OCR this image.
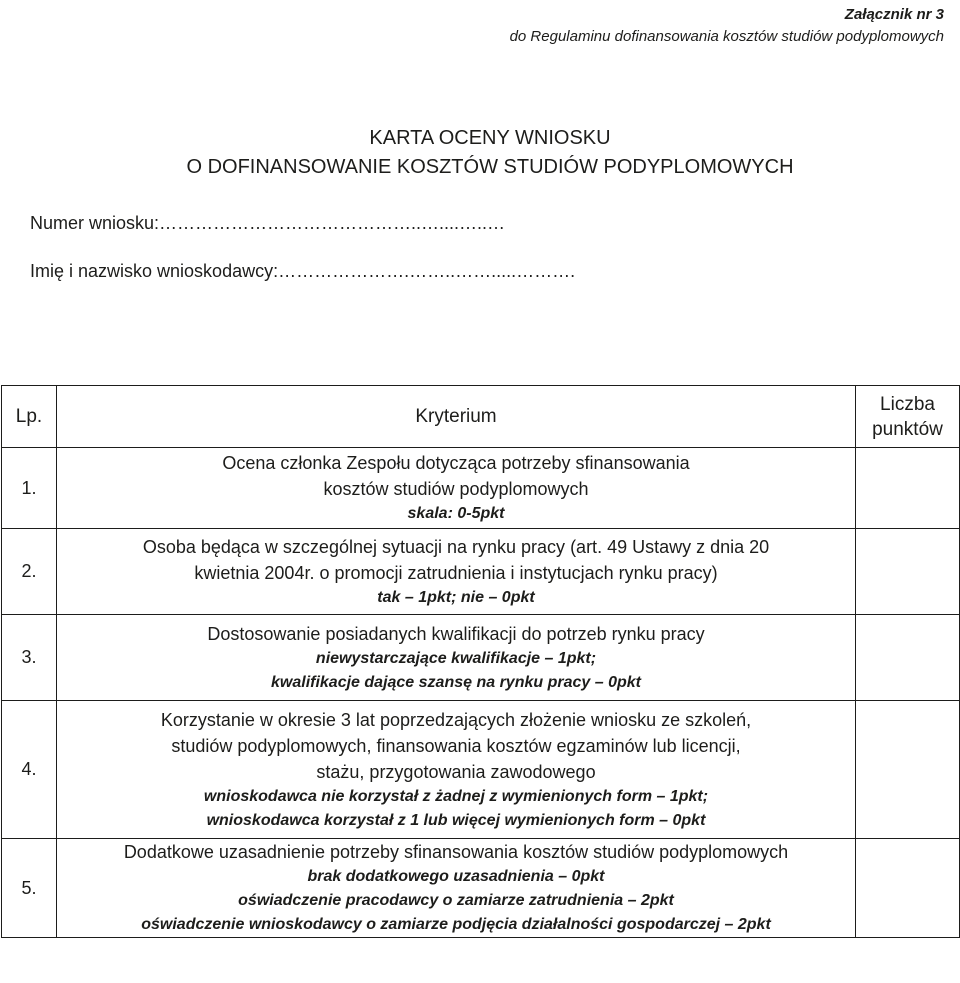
Załącznik nr 3
do Regulaminu dofinansowania kosztów studiów podyplomowych
KARTA OCENY WNIOSKU
O DOFINANSOWANIE KOSZTÓW STUDIÓW PODYPLOMOWYCH
Numer wniosku:……………………………………..…....…..…
Imię i nazwisko wnioskodawcy:………………….……..…….....……….
Lp.	Kryterium	Liczba punktów
1.	Ocena członka Zespołu dotycząca potrzeby sfinansowania
kosztów studiów podyplomowych
skala: 0-5pkt	

2.	Osoba będąca w szczególnej sytuacji na rynku pracy (art. 49 Ustawy z dnia 20
kwietnia 2004r. o promocji zatrudnienia i instytucjach rynku pracy)
tak – 1pkt; nie – 0pkt	

3.	Dostosowanie posiadanych kwalifikacji do potrzeb rynku pracy
niewystarczające kwalifikacje – 1pkt;
kwalifikacje dające szansę na rynku pracy – 0pkt	

4.	Korzystanie w okresie 3 lat poprzedzających złożenie wniosku ze szkoleń,
studiów podyplomowych, finansowania kosztów egzaminów lub licencji,
stażu, przygotowania zawodowego
wnioskodawca nie korzystał z żadnej z wymienionych form – 1pkt;
wnioskodawca korzystał z 1 lub więcej wymienionych form – 0pkt	

5.	Dodatkowe uzasadnienie potrzeby sfinansowania kosztów studiów podyplomowych
brak dodatkowego uzasadnienia – 0pkt
oświadczenie pracodawcy o zamiarze zatrudnienia – 2pkt
oświadczenie wnioskodawcy o zamiarze podjęcia działalności gospodarczej – 2pkt	
